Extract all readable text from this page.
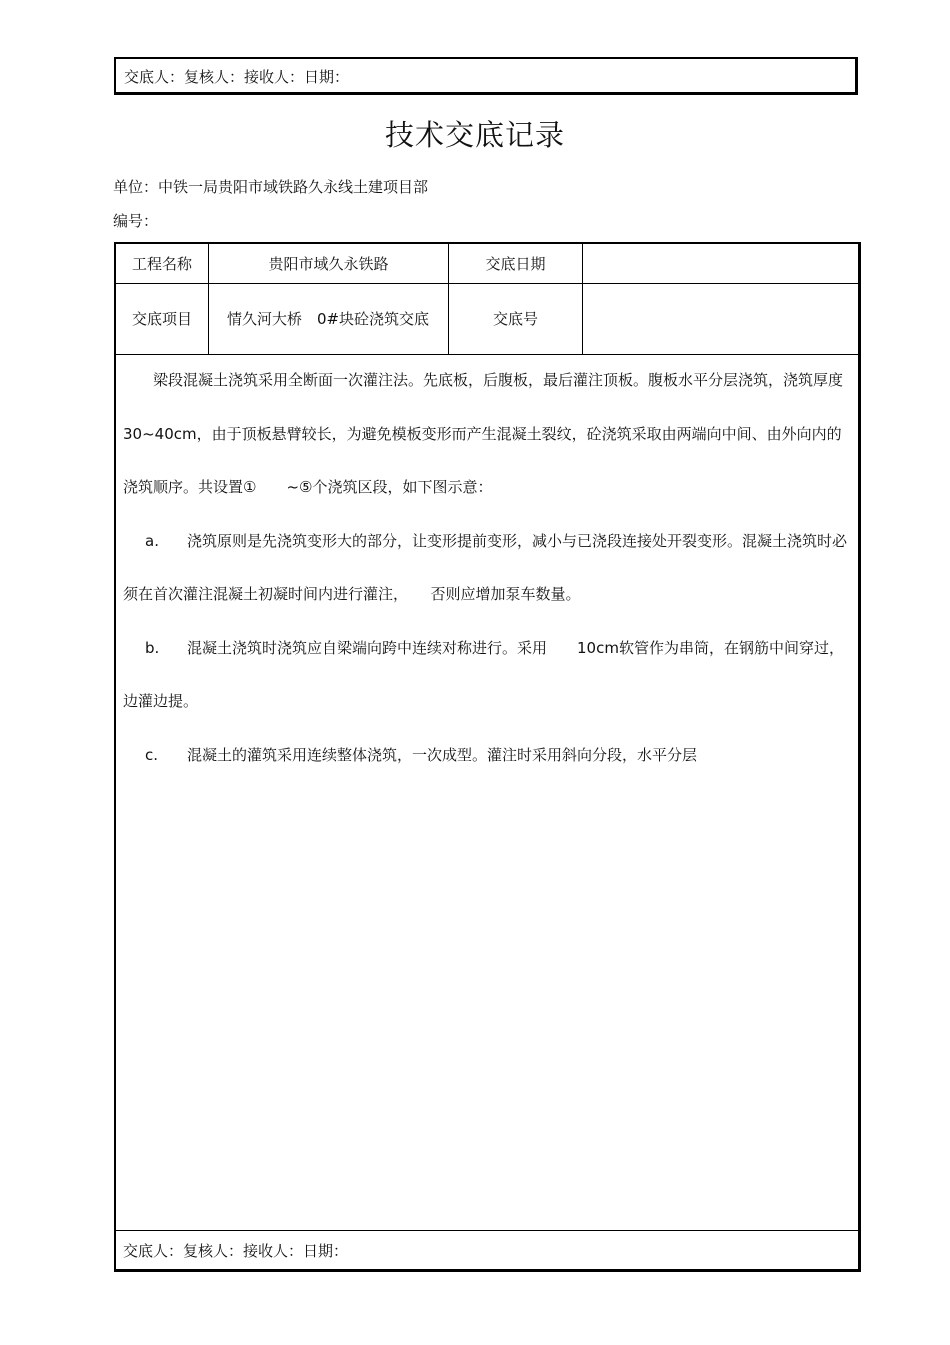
交底人：复核人：接收人：日期：
技术交底记录
单位：中铁一局贵阳市域铁路久永线土建项目部
编号：
工程名称	贵阳市域久永铁路	交底日期
交底项目	情久河大桥　0#块砼浇筑交底	交底号

梁段混凝土浇筑采用全断面一次灌注法。先底板，后腹板，最后灌注顶板。腹板水平分层浇筑，浇筑厚度　30~40cm，由于顶板悬臂较长，为避免模板变形而产生混凝土裂纹，砼浇筑采取由两端向中间、由外向内的浇筑顺序。共设置①　　~⑤个浇筑区段，如下图示意：

a. 浇筑原则是先浇筑变形大的部分，让变形提前变形，减小与已浇段连接处开裂变形。混凝土浇筑时必须在首次灌注混凝土初凝时间内进行灌注，　　否则应增加泵车数量。

b. 混凝土浇筑时浇筑应自梁端向跨中连续对称进行。采用　　10cm软管作为串筒，在钢筋中间穿过，边灌边提。

c. 混凝土的灌筑采用连续整体浇筑，一次成型。灌注时采用斜向分段，水平分层

交底人：复核人：接收人：日期：
